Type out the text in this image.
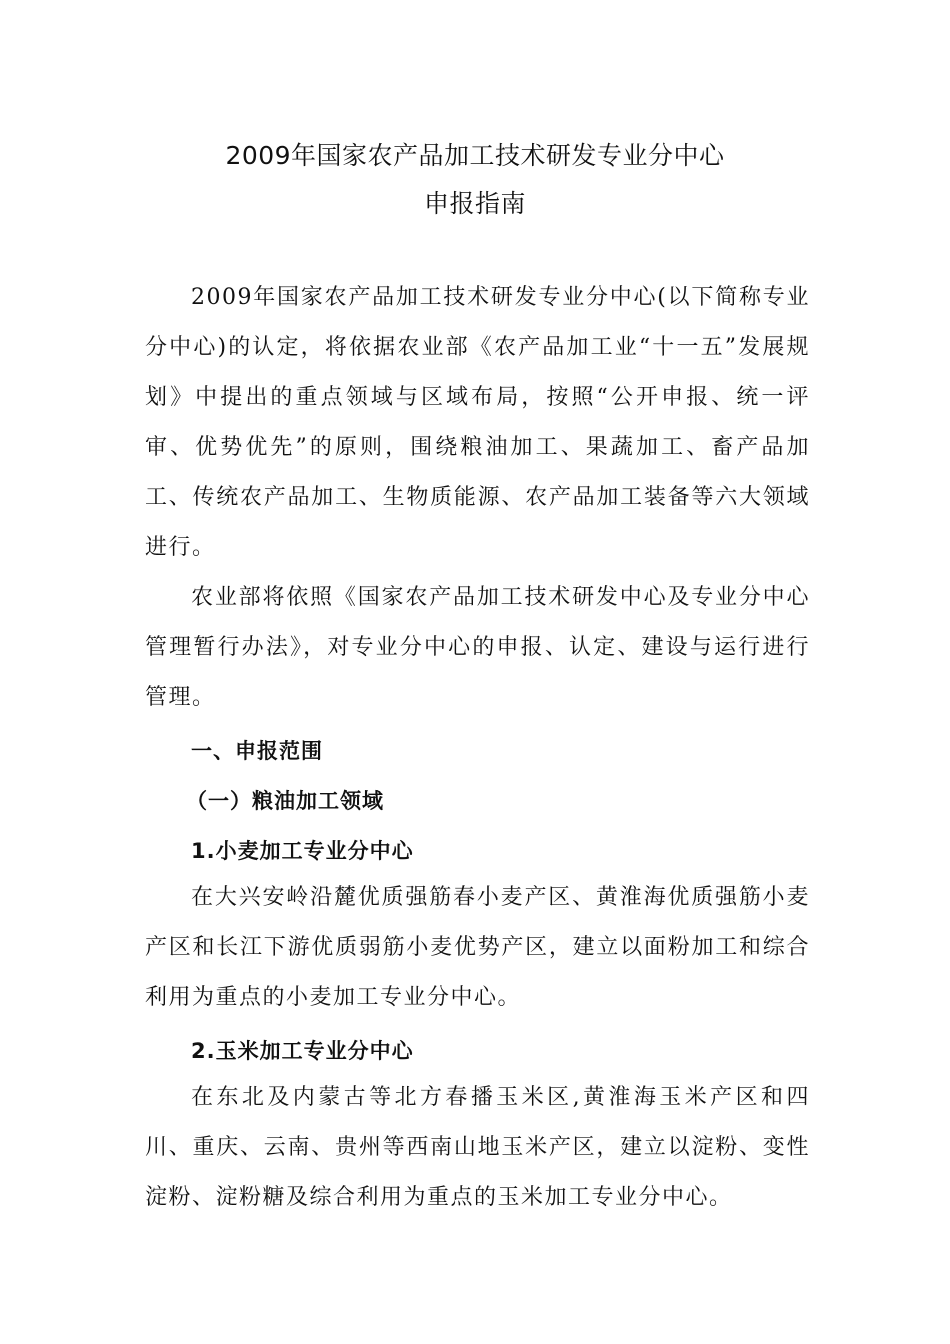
2009年国家农产品加工技术研发专业分中心
申报指南
2009年国家农产品加工技术研发专业分中心(以下简称专业分中心)的认定，将依据农业部《农产品加工业“十一五”发展规划》中提出的重点领域与区域布局，按照“公开申报、统一评审、优势优先”的原则，围绕粮油加工、果蔬加工、畜产品加工、传统农产品加工、生物质能源、农产品加工装备等六大领域进行。
农业部将依照《国家农产品加工技术研发中心及专业分中心管理暂行办法》，对专业分中心的申报、认定、建设与运行进行管理。
一、申报范围
（一）粮油加工领域
1.小麦加工专业分中心
在大兴安岭沿麓优质强筋春小麦产区、黄淮海优质强筋小麦产区和长江下游优质弱筋小麦优势产区，建立以面粉加工和综合利用为重点的小麦加工专业分中心。
2.玉米加工专业分中心
在东北及内蒙古等北方春播玉米区,黄淮海玉米产区和四川、重庆、云南、贵州等西南山地玉米产区，建立以淀粉、变性淀粉、淀粉糖及综合利用为重点的玉米加工专业分中心。
